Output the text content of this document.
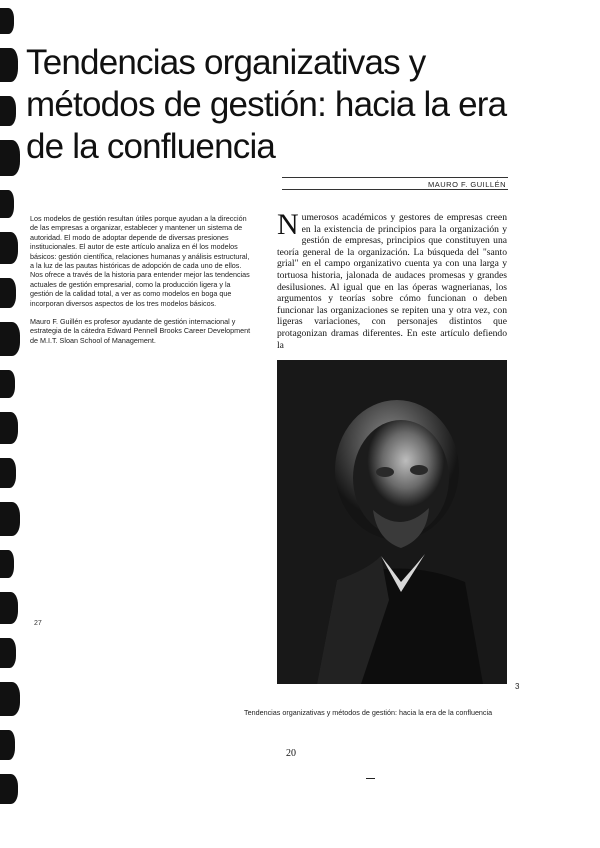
Tendencias organizativas y
métodos de gestión: hacia la era
de la confluencia
MAURO F. GUILLÉN

Los modelos de gestión resultan útiles porque ayudan a la dirección de las empresas a organizar, establecer y mantener un sistema de autoridad. El modo de adoptar depende de diversas presiones institucionales. El autor de este artículo analiza en él los modelos básicos: gestión científica, relaciones humanas y análisis estructural, a la luz de las pautas históricas de adopción de cada uno de ellos. Nos ofrece a través de la historia para entender mejor las tendencias actuales de gestión empresarial, como la producción ligera y la gestión de la calidad total, a ver as como modelos en boga que incorporan diversos aspectos de los tres modelos básicos.

Mauro F. Guillén es profesor ayudante de gestión internacional y estrategia de la cátedra Edward Pennell Brooks Career Development de M.I.T. Sloan School of Management.

N umerosos académicos y gestores de empresas creen en la existencia de principios para la organización y gestión de empresas, principios que constituyen una teoría general de la organización. La búsqueda del "santo grial" en el campo organizativo cuenta ya con una larga y tortuosa historia, jalonada de audaces promesas y grandes desilusiones. Al igual que en las óperas wagnerianas, los argumentos y teorías sobre cómo funcionan o deben funcionar las organizaciones se repiten una y otra vez, con ligeras variaciones, con personajes distintos que protagonizan dramas diferentes. En este artículo defiendo la
3
27
Tendencias organizativas y métodos de gestión: hacia la era de la confluencia
20
